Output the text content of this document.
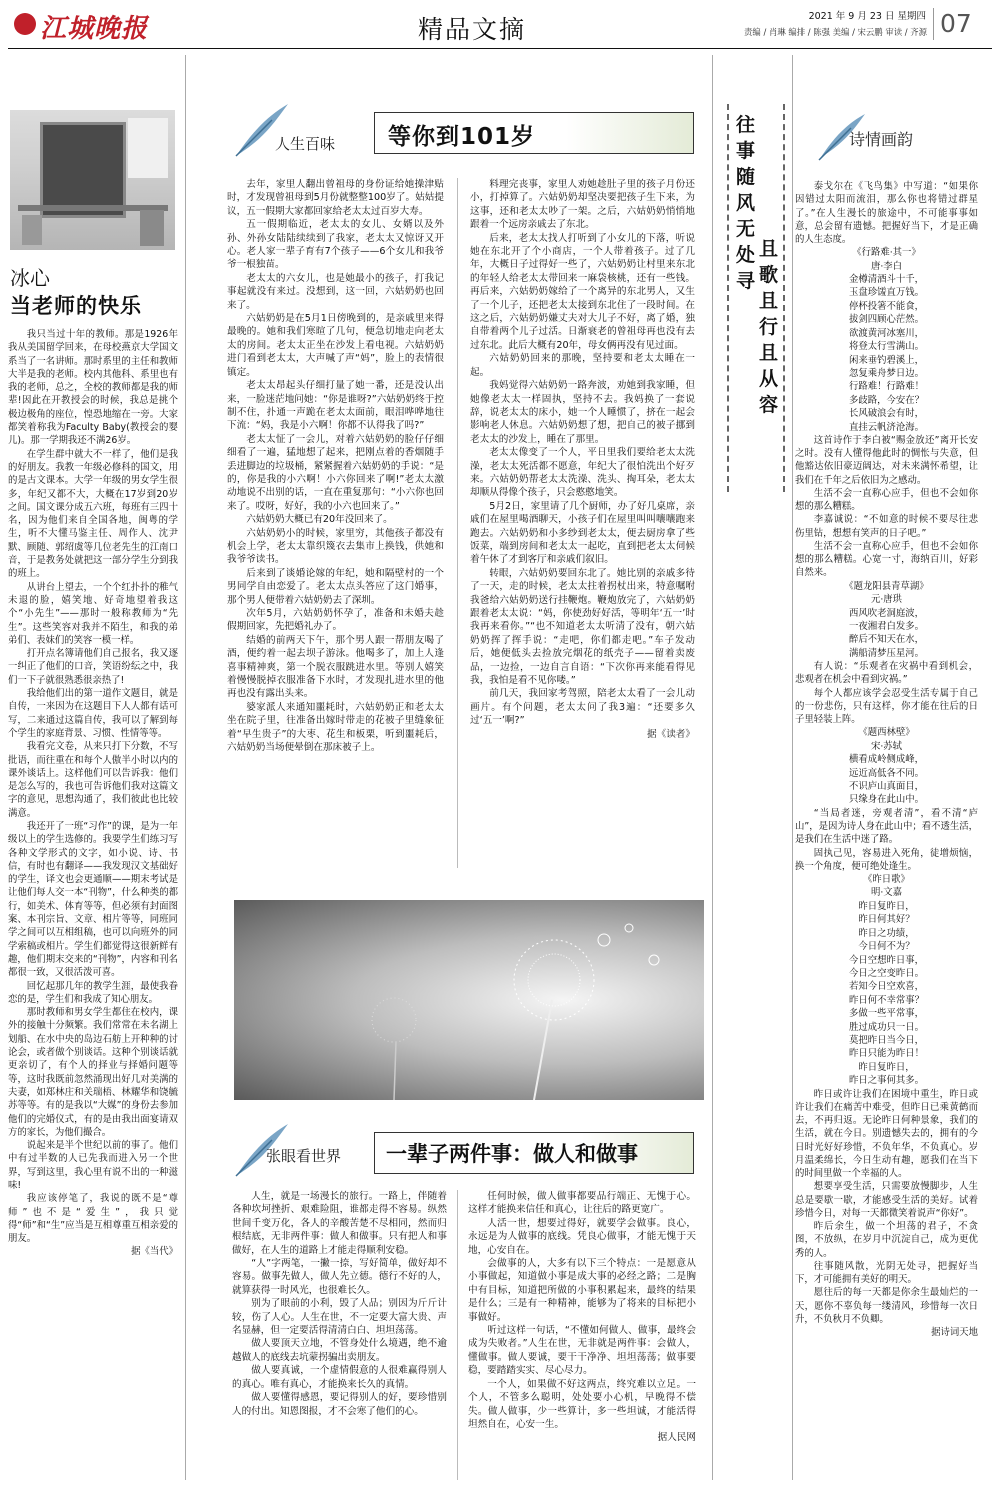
江城晚报	精品文摘	2021 年 9 月 23 日 星期四
责编 / 肖琳 编排 / 陈强 美编 / 宋云鹏 审读 / 齐源 07
冰心
当老师的快乐

我只当过十年的教师。那是1926年我从美国留学回来，在母校燕京大学国文系当了一名讲师。那时系里的主任和教师大半是我的老师。校内其他科、系里也有我的老师，总之，全校的教师都是我的师辈!因此在开教授会的时候，我总是挑个极边极角的座位，惶恐地缩在一旁。大家都笑着称我为Faculty Baby(教授会的婴儿)。那一学期我还不满26岁。

在学生群中就大不一样了，他们是我的好朋友。我教一年级必修科的国文，用的是古文课本。大学一年级的男女学生很多，年纪又都不大，大概在17岁到20岁之间。国文课分成五六班，每班有三四十名，因为他们来自全国各地，闽粤的学生，听不大懂马鉴主任、周作人、沈尹默、顾随、郭绍虞等几位老先生的江南口音，于是教务处就把这一部分学生分到我的班上。

从讲台上望去，一个个红扑扑的稚气未退的脸，嬉笑地、好奇地望着我这个“小先生”——那时一般称教师为“先生”。这些笑容对我并不陌生，和我的弟弟们、表妹们的笑容一模一样。

打开点名簿请他们自己报名，我又逐一纠正了他们的口音，笑语纷纭之中，我们一下子就很熟悉很亲热了!

我给他们出的第一道作文题目，就是自传，一来因为在这题目下人人都有话可写，二来通过这篇自传，我可以了解到每个学生的家庭背景、习惯、性情等等。

我看完文卷，从来只打下分数，不写批语，而往重在和每个人傲半小时以内的课外谈话上。这样他们可以告诉我：他们是怎么写的，我也可告诉他们我对这篇文字的意见，思想沟通了，我们彼此也比较满意。

我还开了一班“习作”的课，是为一年级以上的学生选修的。我要学生们练习写各种文学形式的文字，如小说、诗、书信，有时也有翻译——我发现汉文基础好的学生，译文也会更通顺——期末考试是让他们每人交一本“刊物”，什么种类的都行，如美术、体育等等，但必须有封面图案、本刊宗旨、文章、相片等等，同班同学之间可以互相组稿，也可以向班外的同学索稿或相片。学生们都觉得这很新鲜有趣，他们期末交来的“刊物”，内容和刊名都很一致，又很活泼可喜。

回忆起那几年的教学生涯，最使我眷恋的是，学生们和我成了知心朋友。

那时教师和男女学生都住在校内，课外的接触十分频繁。我们常常在未名湖上划船、在水中央的岛边石舫上开种种的讨论会，或者做个别谈话。这种个别谈话就更亲切了，有个人的择业与择婚问题等等，这时我既前忽然涌现出好几对美满的夫妻，如郑林庄和关瑞梧、林耀华和饶毓苏等等。有的是我以“大媒”的身份去参加他们的完婚仪式，有的是由我出面宴请双方的家长，为他们撮合。

说起来是半个世纪以前的事了。他们中有过半数的人已先我而进入另一个世界，写到这里，我心里有说不出的一种滋味!

我应该停笔了，我说的既不是“尊师”也不是“爱生”，我只觉得“师”和“生”应当是互相尊重互相亲爱的朋友。

据《当代》
人生百味 等你到101岁

去年，家里人翻出曾祖母的身份证给她操津贴时，才发现曾祖母到5月份就整整100岁了。姑姑提议，五一假期大家都回家给老太太过百岁大寿。

五一假期临近，老太太的女儿、女婿以及外孙、外孙女陆陆续续到了我家，老太太又惊讶又开心。老人家一辈子育有7个孩子——6个女儿和我爷爷一根独苗。

老太太的六女儿，也是她最小的孩子，打我记事起就没有来过。没想到，这一回，六姑奶奶也回来了。

六姑奶奶是在5月1日傍晚到的，是亲戚里来得最晚的。她和我们寒暄了几句，便急切地走向老太太的房间。老太太正坐在沙发上看电视。六姑奶奶进门看到老太太，大声喊了声“妈”，脸上的表情很镇定。

老太太昂起头仔细打量了她一番，还是没认出来，一脸迷茫地问她：“你是谁呀?”六姑奶奶终于控制不住，扑通一声跪在老太太面前，眼泪哗哗地往下流：“妈，我是小六啊！你都不认得我了吗?”

老太太怔了一会儿，对着六姑奶奶的脸仔仔细细看了一遍，猛地想了起来，把刚点着的香烟随手丢进脚边的垃圾桶，紧紧握着六姑奶奶的手说：“是的，你是我的小六啊！小六你回来了啊!”老太太激动地说不出别的话，一直在重复那句：“小六你也回来了。哎呀，好好，我的小六也回来了。”

六姑奶奶大概已有20年没回来了。

六姑奶奶小的时候，家里穷，其他孩子都没有机会上学，老太太靠织篾衣去集市上换钱，供她和我爷爷读书。

后来到了谈婚论嫁的年纪，她和隔壁村的一个男同学自由恋爱了。老太太点头答应了这门婚事，那个男人便带着六姑奶奶去了深圳。

次年5月，六姑奶奶怀孕了，准备和未婚夫趁假期回家，先把婚礼办了。

结婚的前两天下午，那个男人跟一帮朋友喝了酒，便约着一起去坝子游泳。他喝多了，加上人逢喜事精神爽，第一个脱衣服跳进水里。等别人嬉笑着慢慢脱掉衣服准备下水时，才发现扎进水里的他再也没有露出头来。

婆家派人来通知噩耗时，六姑奶奶正和老太太坐在院子里，往准备出嫁时带走的花被子里缝象征着“早生贵子”的大枣、花生和板栗，听到噩耗后，六姑奶奶当场便晕倒在那床被子上。

料理完丧事，家里人劝她趁肚子里的孩子月份还小，打掉算了。六姑奶奶却坚决要把孩子生下来，为这事，还和老太太吵了一架。之后，六姑奶奶悄悄地跟着一个远房亲戚去了东北。

后来，老太太找人打听到了小女儿的下落，听说她在东北开了个小商店，一个人带着孩子。过了几年，大概日子过得好一些了，六姑奶奶让村里来东北的年轻人给老太太带回来一麻袋核桃，还有一些钱。再后来，六姑奶奶嫁给了一个离异的东北男人，又生了一个儿子，还把老太太接到东北住了一段时间。在这之后，六姑奶奶嫌丈夫对大儿子不好，离了婚，独自带着两个儿子过活。日渐衰老的曾祖母再也没有去过东北。此后大概有20年，母女俩再没有见过面。

六姑奶奶回来的那晚，坚持要和老太太睡在一起。

我妈觉得六姑奶奶一路奔波，劝她到我家睡，但她像老太太一样固执，坚持不去。我妈换了一套说辞，说老太太的床小，她一个人睡惯了，挤在一起会影响老人休息。六姑奶奶想了想，把自己的被子挪到老太太的沙发上，睡在了那里。

老太太像变了一个人，平日里我们要给老太太洗澡，老太太死活都不愿意，年纪大了很怕洗出个好歹来。六姑奶奶帮老太太洗澡、洗头、掏耳朵，老太太却顺从得像个孩子，只会憨憨地笑。

5月2日，家里请了几个厨师，办了好几桌席，亲戚们在屋里喝酒聊天，小孩子们在屋里叫叫嚷嚷跑来跑去。六姑奶奶和小多纱到老太太，便去厨房拿了些饭菜，端到房间和老太太一起吃，直到把老太太伺候着午休了才到客厅和亲戚们叙旧。

转眼，六姑奶奶要回东北了。她比别的亲戚多待了一天，走的时候，老太太拄着拐杖出来，特意嘱咐我爸给六姑奶奶送行挂鞭炮。鞭炮放完了，六姑奶奶跟着老太太说：“妈，你使劲好好活，等明年‘五一’时我再来看你。”“也不知道老太太听清了没有，朝六姑奶奶挥了挥手说：“走吧，你们都走吧。”车子发动后，她便低头去捡放完烟花的纸壳子——留着卖废品，一边捡，一边自言自语：“下次你再来能看得见我，我怕是看不见你喽。”

前几天，我回家考驾照，陪老太太看了一会儿动画片。有个问题，老太太问了我3遍：“还要多久过‘五一’啊?”

据《读者》
张眼看世界 一辈子两件事：做人和做事

人生，就是一场漫长的旅行。一路上，伴随着各种坎坷挫折、艰难险阻，谁都走得不容易。纵然世间千变万化，各人的辛酸苦楚不尽相同，然而归根结底，无非两件事：做人和做事。只有把人和事做好，在人生的道路上才能走得顺利安稳。

“人”字两笔，一撇一捺，写好简单，做好却不容易。做事先做人，做人先立德。德行不好的人，就算获得一时风光，也很难长久。

别为了眼前的小利，毁了人品；别因为斤斤计较，伤了人心。人生在世，不一定要大富大贵、声名显赫，但一定要活得清清白白、坦坦荡荡。

做人要顶天立地，不管身处什么境遇，绝不逾越做人的底线去坑蒙拐骗出卖朋友。

做人要真诚，一个虚情假意的人很难赢得别人的真心。唯有真心，才能换来长久的真情。

做人要懂得感恩，要记得别人的好，要珍惜别人的付出。知恩图报，才不会寒了他们的心。

任何时候，做人做事都要品行端正、无愧于心。这样才能换来信任和真心，让往后的路更宽广。

人活一世，想要过得好，就要学会做事。良心，永远是为人做事的底线。凭良心做事，才能无愧于天地，心安自在。

会做事的人，大多有以下三个特点：一是愿意从小事做起，知道做小事是成大事的必经之路；二是胸中有目标，知道把所做的小事积累起来，最终的结果是什么；三是有一种精神，能够为了将来的目标把小事做好。

听过这样一句话，“不懂如何做人、做事，最终会成为失败者。”人生在世，无非就是两件事：会做人，懂做事。做人要诚，要干干净净、坦坦荡荡；做事要稳，要踏踏实实、尽心尽力。

一个人，如果做不好这两点，终究难以立足。一个人，不管多么聪明，处处要小心机，早晚得不偿失。做人做事，少一些算计，多一些坦诚，才能活得坦然自在，心安一生。

据人民网
往事随风无处寻
且歌且行且从容
诗情画韵

泰戈尔在《飞鸟集》中写道：“如果你因错过太阳而流泪，那么你也将错过群星了。”在人生漫长的旅途中，不可能事事如意，总会留有遗憾。把握好当下，才是正确的人生态度。

《行路难·其一》
唐·李白
金樽清酒斗十千，
玉盘珍馐直万钱。
停杯投箸不能食，
拔剑四顾心茫然。
欲渡黄河冰塞川，
将登太行雪满山。
闲来垂钓碧溪上，
忽复乘舟梦日边。
行路难！行路难！
多歧路，今安在？
长风破浪会有时，
直挂云帆济沧海。

这首诗作于李白被“赐金放还”离开长安之时。没有人懂得他此时的惆怅与失意，但他豁达依旧豪迈阔达，对未来满怀希望，让我们在千年之后依旧为之感动。

生活不会一直称心应手，但也不会如你想的那么糟糕。

李嘉诚说：“不如意的时候不要尽往悲伤里钻，想想有笑声的日子吧。”

生活不会一直称心应手，但也不会如你想的那么糟糕。心宽一寸，海纳百川，好彩自然来。

《题龙阳县青草湖》
元·唐珙
西风吹老洞庭波，
一夜湘君白发多。
醉后不知天在水，
满船清梦压星河。

有人说：“乐观者在灾祸中看到机会，悲观者在机会中看到灾祸。”

每个人都应该学会忍受生活专属于自己的一份悲伤，只有这样，你才能在往后的日子里轻装上阵。

《题西林壁》
宋·苏轼
横看成岭侧成峰，
远近高低各不同。
不识庐山真面目，
只缘身在此山中。

“当局者迷，旁观者清”，看不清“庐山”，是因为诗人身在此山中；看不透生活，是我们在生活中迷了路。

固执己见，容易进入死角，徒增烦恼，换一个角度，便可绝处逢生。

《昨日歌》
明·文嘉
昨日复昨日，
昨日何其好？
昨日之功绩，
今日何不为？
今日空想昨日事，
今日之空变昨日。
若知今日空欢喜，
昨日何不幸常事？
多做一些平常事，
胜过成功只一日。
莫把昨日当今日，
昨日只能为昨日！
昨日复昨日，
昨日之事何其多。

昨日或许让我们在困境中重生，昨日或许让我们在痛苦中难受，但昨日已乘黄鹤而去，不再归返。无论昨日何种景象，我们的生活，就在今日。别遗憾失去的，拥有的今日时光好好珍惜，不负年华，不负真心。岁月温柔绵长，今日生动有趣，愿我们在当下的时间里做一个幸福的人。

想要享受生活，只需要放慢脚步，人生总是要歇一歇，才能感受生活的美好。试着珍惜今日，对每一天都微笑着说声“你好”。

昨后余生，做一个坦荡的君子，不贪图，不放纵，在岁月中沉淀自己，成为更优秀的人。

往事随风散，光阴无处寻，把握好当下，才可能拥有美好的明天。

愿往后的每一天都是你余生最灿烂的一天，愿你不辜负每一缕清风，珍惜每一次日升，不负秋月不负卿。

据诗词天地
